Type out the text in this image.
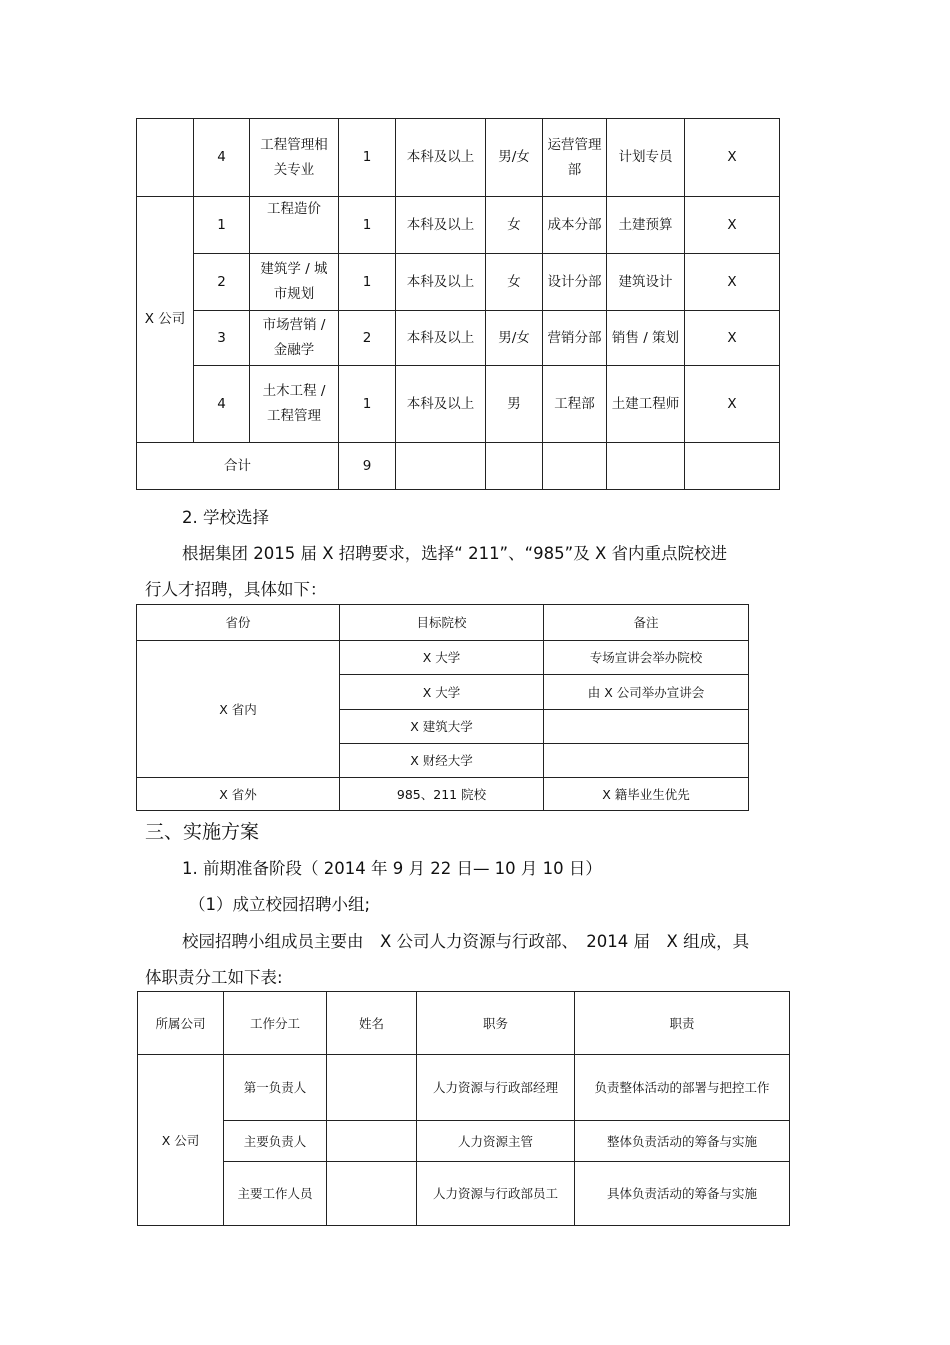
	4	工程管理相关专业	1	本科及以上	男/女	运营管理部	计划专员	X
X 公司	1	工程造价	1	本科及以上	女	成本分部	土建预算	X
	2	建筑学 / 城市规划	1	本科及以上	女	设计分部	建筑设计	X
	3	市场营销 / 金融学	2	本科及以上	男/女	营销分部	销售 / 策划	X
	4	土木工程 / 工程管理	1	本科及以上	男	工程部	土建工程师	X
合计			9					
2. 学校选择
根据集团 2015 届 X 招聘要求，选择“ 211”、“985”及 X 省内重点院校进
行人才招聘，具体如下：
省份	目标院校	备注
X 省内	X 大学	专场宣讲会举办院校
	X 大学	由 X 公司举办宣讲会
	X 建筑大学	
	X 财经大学	
X 省外	985、211 院校	X 籍毕业生优先
三、实施方案
1. 前期准备阶段（ 2014 年 9 月 22 日— 10 月 10 日）
（1）成立校园招聘小组;
校园招聘小组成员主要由　X 公司人力资源与行政部、　2014 届　X 组成，具
体职责分工如下表:
所属公司	工作分工	姓名	职务	职责
X 公司	第一负责人		人力资源与行政部经理	负责整体活动的部署与把控工作
	主要负责人		人力资源主管	整体负责活动的筹备与实施
	主要工作人员		人力资源与行政部员工	具体负责活动的筹备与实施
